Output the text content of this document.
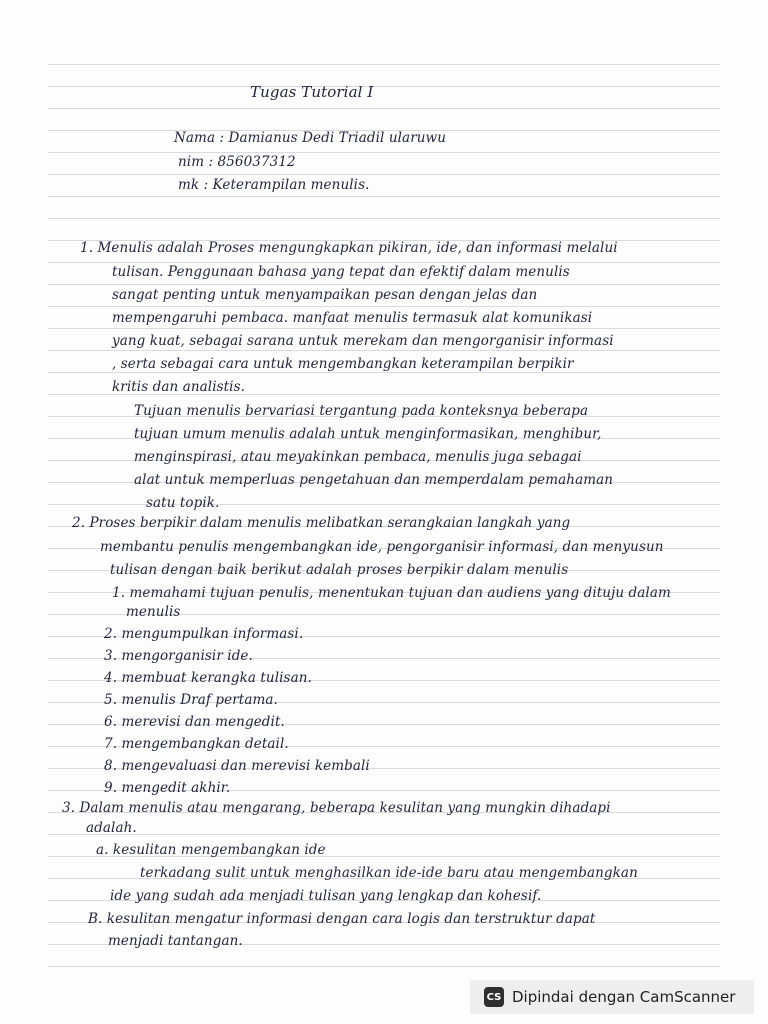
Tugas Tutorial I
Nama : Damianus Dedi Triadil ularuwu
nim : 856037312
mk : Keterampilan menulis.
1. Menulis adalah Proses mengungkapkan pikiran, ide, dan informasi melalui
tulisan. Penggunaan bahasa yang tepat dan efektif dalam menulis
sangat penting untuk menyampaikan pesan dengan jelas dan
mempengaruhi pembaca. manfaat menulis termasuk alat komunikasi
yang kuat, sebagai sarana untuk merekam dan mengorganisir informasi
, serta sebagai cara untuk mengembangkan keterampilan berpikir
kritis dan analistis.
Tujuan menulis bervariasi tergantung pada konteksnya beberapa
tujuan umum menulis adalah untuk menginformasikan, menghibur,
menginspirasi, atau meyakinkan pembaca, menulis juga sebagai
alat untuk memperluas pengetahuan dan memperdalam pemahaman
satu topik.
2. Proses berpikir dalam menulis melibatkan serangkaian langkah yang
membantu penulis mengembangkan ide, pengorganisir informasi, dan menyusun
tulisan dengan baik berikut adalah proses berpikir dalam menulis
1. memahami tujuan penulis, menentukan tujuan dan audiens yang dituju dalam
menulis
2. mengumpulkan informasi.
3. mengorganisir ide.
4. membuat kerangka tulisan.
5. menulis Draf pertama.
6. merevisi dan mengedit.
7. mengembangkan detail.
8. mengevaluasi dan merevisi kembali
9. mengedit akhir.
3. Dalam menulis atau mengarang, beberapa kesulitan yang mungkin dihadapi
adalah.
a. kesulitan mengembangkan ide
terkadang sulit untuk menghasilkan ide-ide baru atau mengembangkan
ide yang sudah ada menjadi tulisan yang lengkap dan kohesif.
B. kesulitan mengatur informasi dengan cara logis dan terstruktur dapat
menjadi tantangan.
CS Dipindai dengan CamScanner
